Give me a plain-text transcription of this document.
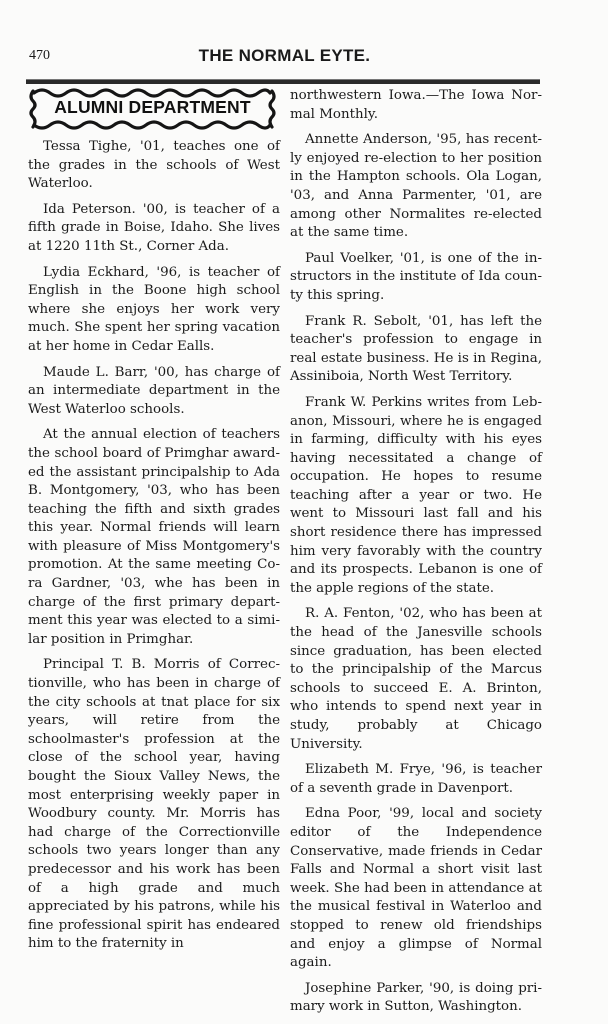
470	THE NORMAL EYTE.
ALUMNI DEPARTMENT

Tessa Tighe, '01, teaches one of the grades in the schools of West Waterloo.

Ida Peterson. '00, is teacher of a fifth grade in Boise, Idaho. She lives at 1220 11th St., Corner Ada.

Lydia Eckhard, '96, is teacher of English in the Boone high school where she enjoys her work very much. She spent her spring vacation at her home in Cedar Ealls.

Maude L. Barr, '00, has charge of an intermediate department in the West Waterloo schools.

At the annual election of teachers the school board of Primghar awarded the assistant principalship to Ada B. Montgomery, '03, who has been teaching the fifth and sixth grades this year. Normal friends will learn with pleasure of Miss Montgomery's promotion. At the same meeting Cora Gardner, '03, whe has been in charge of the first primary department this year was elected to a similar position in Primghar.

Principal T. B. Morris of Correctionville, who has been in charge of the city schools at tnat place for six years, will retire from the schoolmaster's profession at the close of the school year, having bought the Sioux Valley News, the most enterprising weekly paper in Woodbury county. Mr. Morris has had charge of the Correctionville schools two years longer than any predecessor and his work has been of a high grade and much appreciated by his patrons, while his fine professional spirit has endeared him to the fraternity in

northwestern Iowa.—The Iowa Normal Monthly.

Annette Anderson, '95, has recently enjoyed re-election to her position in the Hampton schools. Ola Logan, '03, and Anna Parmenter, '01, are among other Normalites re-elected at the same time.

Paul Voelker, '01, is one of the instructors in the institute of Ida county this spring.

Frank R. Sebolt, '01, has left the teacher's profession to engage in real estate business. He is in Regina, Assiniboia, North West Territory.

Frank W. Perkins writes from Lebanon, Missouri, where he is engaged in farming, difficulty with his eyes having necessitated a change of occupation. He hopes to resume teaching after a year or two. He went to Missouri last fall and his short residence there has impressed him very favorably with the country and its prospects. Lebanon is one of the apple regions of the state.

R. A. Fenton, '02, who has been at the head of the Janesville schools since graduation, has been elected to the principalship of the Marcus schools to succeed E. A. Brinton, who intends to spend next year in study, probably at Chicago University.

Elizabeth M. Frye, '96, is teacher of a seventh grade in Davenport.

Edna Poor, '99, local and society editor of the Independence Conservative, made friends in Cedar Falls and Normal a short visit last week. She had been in attendance at the musical festival in Waterloo and stopped to renew old friendships and enjoy a glimpse of Normal again.

Josephine Parker, '90, is doing primary work in Sutton, Washington.
